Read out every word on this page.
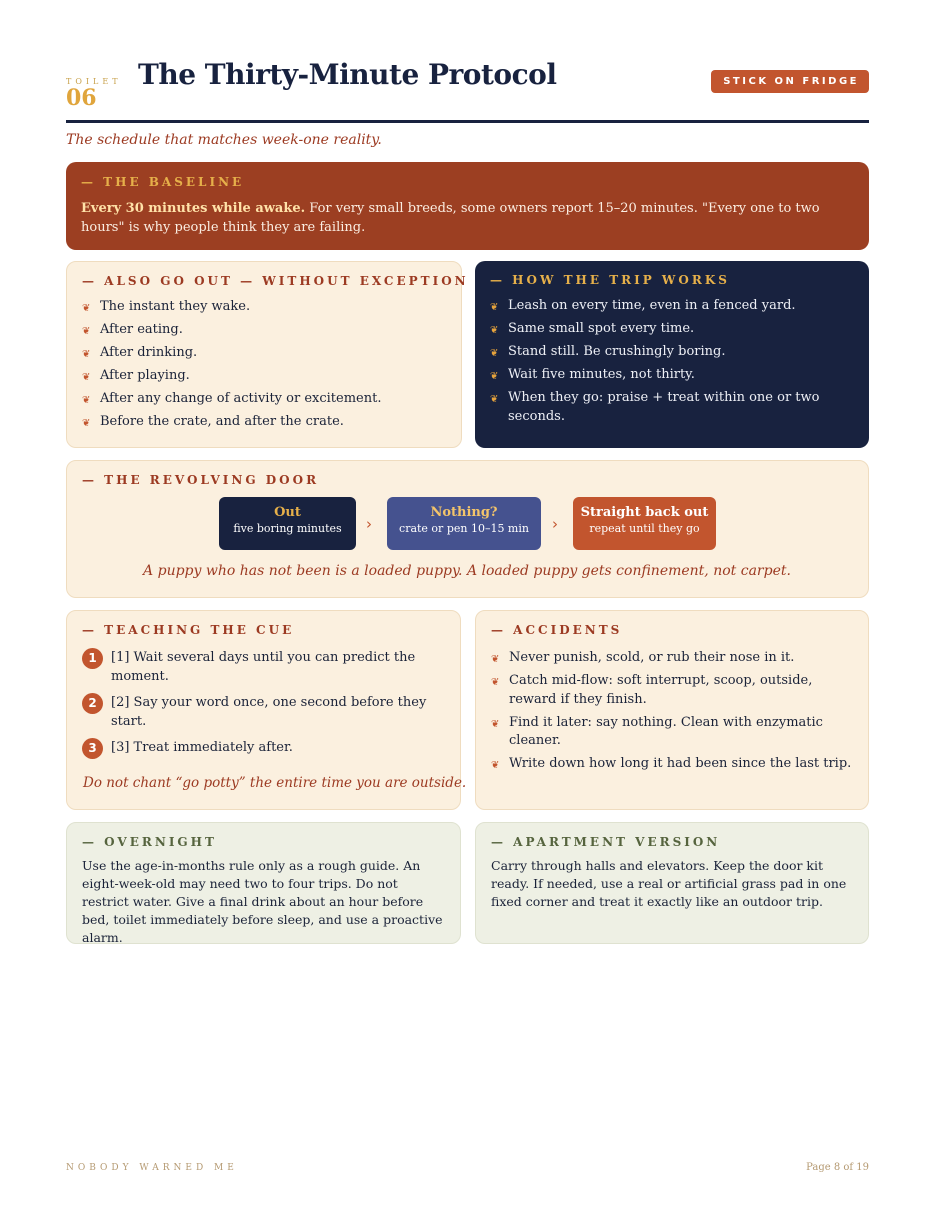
TOILET
06
The Thirty-Minute Protocol	STICK ON FRIDGE
The schedule that matches week-one reality.
— THE BASELINE
Every 30 minutes while awake. For very small breeds, some owners report 15–20 minutes. "Every one to two hours" is why people think they are failing.
— ALSO GO OUT — WITHOUT EXCEPTION
❦ The instant they wake.
❦ After eating.
❦ After drinking.
❦ After playing.
❦ After any change of activity or excitement.
❦ Before the crate, and after the crate.
— HOW THE TRIP WORKS
❦ Leash on every time, even in a fenced yard.
❦ Same small spot every time.
❦ Stand still. Be crushingly boring.
❦ Wait five minutes, not thirty.
❦ When they go: praise + treat within one or two seconds.
— THE REVOLVING DOOR
Out
five boring minutes	›
Nothing?
crate or pen 10–15 min	›
Straight back out
repeat until they go
A puppy who has not been is a loaded puppy. A loaded puppy gets confinement, not carpet.
— TEACHING THE CUE
1	[1] Wait several days until you can predict the moment.
2	[2] Say your word once, one second before they start.
3	[3] Treat immediately after.
Do not chant “go potty” the entire time you are outside.
— ACCIDENTS
❦ Never punish, scold, or rub their nose in it.
❦ Catch mid-flow: soft interrupt, scoop, outside, reward if they finish.
❦ Find it later: say nothing. Clean with enzymatic cleaner.
❦ Write down how long it had been since the last trip.
— OVERNIGHT
Use the age-in-months rule only as a rough guide. An eight-week-old may need two to four trips. Do not restrict water. Give a final drink about an hour before bed, toilet immediately before sleep, and use a proactive alarm.
— APARTMENT VERSION
Carry through halls and elevators. Keep the door kit ready. If needed, use a real or artificial grass pad in one fixed corner and treat it exactly like an outdoor trip.
NOBODY WARNED ME	Page 8 of 19
